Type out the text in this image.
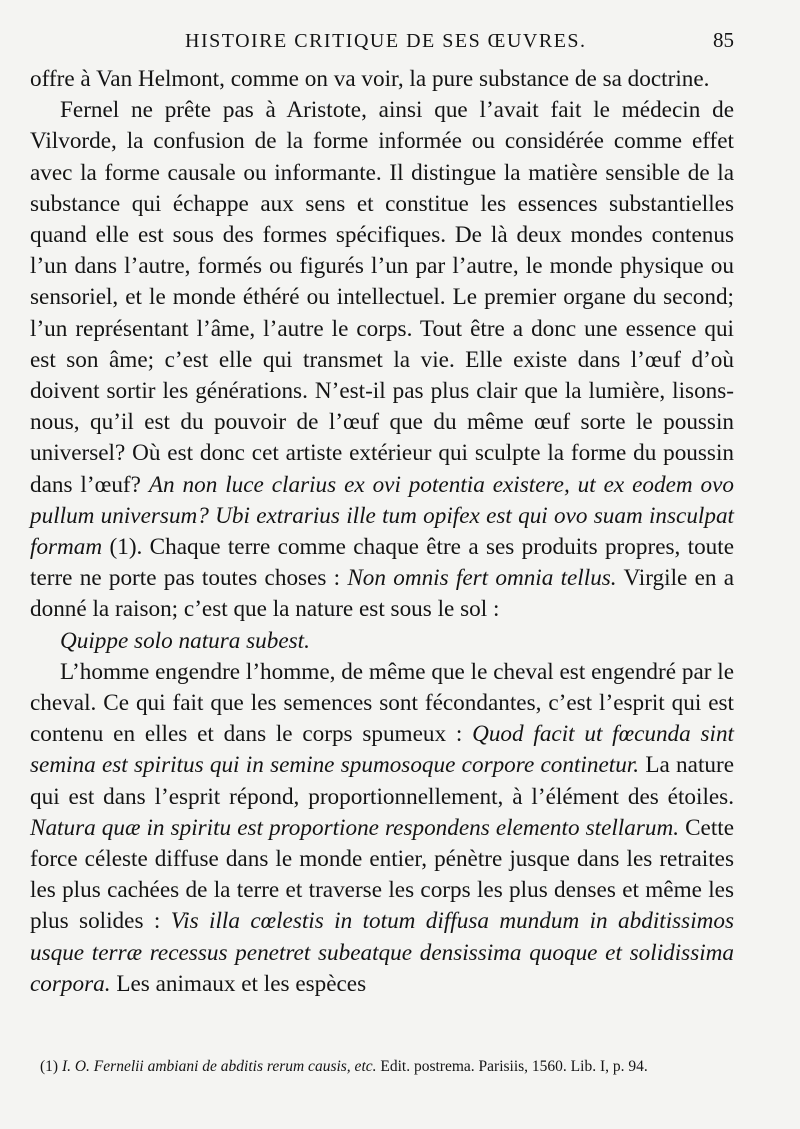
HISTOIRE CRITIQUE DE SES ŒUVRES.	85

offre à Van Helmont, comme on va voir, la pure substance de sa doctrine.

Fernel ne prête pas à Aristote, ainsi que l’avait fait le médecin de Vilvorde, la confusion de la forme informée ou considérée comme effet avec la forme causale ou informante. Il distingue la matière sensible de la substance qui échappe aux sens et constitue les essences substantielles quand elle est sous des formes spécifiques. De là deux mondes contenus l’un dans l’autre, formés ou figurés l’un par l’autre, le monde physique ou sensoriel, et le monde éthéré ou intellectuel. Le premier organe du second; l’un représentant l’âme, l’autre le corps. Tout être a donc une essence qui est son âme; c’est elle qui transmet la vie. Elle existe dans l’œuf d’où doivent sortir les générations. N’est-il pas plus clair que la lumière, lisons-nous, qu’il est du pouvoir de l’œuf que du même œuf sorte le poussin universel? Où est donc cet artiste extérieur qui sculpte la forme du poussin dans l’œuf? An non luce clarius ex ovi potentia existere, ut ex eodem ovo pullum universum? Ubi extrarius ille tum opifex est qui ovo suam insculpat formam (1). Chaque terre comme chaque être a ses produits propres, toute terre ne porte pas toutes choses : Non omnis fert omnia tellus. Virgile en a donné la raison; c’est que la nature est sous le sol :

Quippe solo natura subest.

L’homme engendre l’homme, de même que le cheval est engendré par le cheval. Ce qui fait que les semences sont fécondantes, c’est l’esprit qui est contenu en elles et dans le corps spumeux : Quod facit ut fœcunda sint semina est spiritus qui in semine spumosoque corpore continetur. La nature qui est dans l’esprit répond, proportionnellement, à l’élément des étoiles. Natura quæ in spiritu est proportione respondens elemento stellarum. Cette force céleste diffuse dans le monde entier, pénètre jusque dans les retraites les plus cachées de la terre et traverse les corps les plus denses et même les plus solides : Vis illa cœlestis in totum diffusa mundum in abditissimos usque terræ recessus penetret subeatque densissima quoque et solidissima corpora. Les animaux et les espèces

(1) I. O. Fernelii ambiani de abditis rerum causis, etc. Edit. postrema. Parisiis, 1560. Lib. I, p. 94.
